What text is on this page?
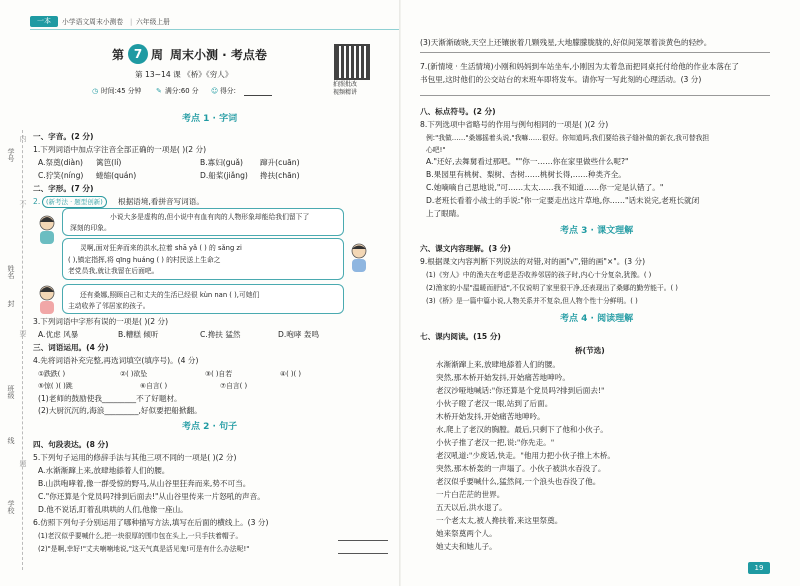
一本	小学语文周末小测卷 | 六年级上册
学号
姓名
封
班级
线
学校
内
不
要
题
第 7 周 周末小测 · 考点卷
第 13~14 课 《桥》《穷人》
◷ 时间:45 分钟 ✎ 满分:60 分 ☺ 得分:
拍照批改
视频精讲
考点 1 · 字词
一、字音。(2 分)
1.下列词语中加点字注音全部正确的一项是( )(2 分)
A.祭奠(diàn) 篱笆(lí)	B.寡妇(guǎ) 蹿升(cuān)
C.狞笑(níng) 蜷缩(quán)	D.船桨(jiǎng) 搀扶(chān)
二、字形。(7 分)
2. (新考法 · 题型创新)	根据语境,看拼音写词语。
小说大多是虚构的,但小说中有血有肉的人物形象却能给我们留下了
深刻的印象。
灵啊,面对狂奔而来的洪水,拉着 shā yǎ ( ) 的 sǎng zi
( ),镇定指挥,将 qīng huáng ( ) 的村民送上生命之
老党员我,就让我留在后面吧。
还有桑娜,照顾自己和丈夫的生活已经很 kùn nan ( ),可她们
主动收养了邻居家的孩子。
3.下列词语中字形有误的一项是( )(2 分)
A.优虑 风暴	B.糟糕 倾听	C.搀扶 猛然	D.咆哮 轰鸣
三、词语运用。(4 分)
4.先将词语补充完整,再选词填空(填序号)。(4 分)
①跌跌( )	②( )欲坠	③( )自若	④( )( )
⑤惊( )( )跳	⑥自言( )	⑦自言( )
(1)老师的鼓励使我_________不了好题材。
(2)大厨沉沉的,海浪_________,好似要把船掀翻。
考点 2 · 句子
四、句段表达。(8 分)
5.下列句子运用的修辞手法与其他三项不同的一项是( )(2 分)
A.水渐渐蹿上来,放肆地舔着人们的腰。
B.山洪咆哮着,像一群受惊的野马,从山谷里狂奔而来,势不可当。
C."你还算是个党员吗?排到后面去!"从山谷里传来一片怒吼的声音。
D.他不说话,盯着乱哄哄的人们,他像一座山。
6.仿照下列句子分别运用了哪种描写方法,填写在后面的横线上。(3 分)
(1)老汉似乎要喊什么,把一块很厚的围巾包在头上,一只手扶着帽子。
(2)"是啊,幸好!"丈夫喃喃地说,"这天气真是活见鬼!可是有什么办法呢!"
(3)天渐渐破晓,天空上还镶嵌着几颗残星,大地朦朦胧胧的,好似间笼罩着淡黄色的轻纱。
7.(新情境 · 生活情境)小刚和妈妈到车站坐车,小刚因为太着急而把同桌托付给他的作业本落在了
书包里,这时他们的公交站台的末班车即将发车。请你写一写此刻的心理活动。(3 分)
八、标点符号。(2 分)
8.下列选项中省略号的作用与例句相同的一项是( )(2 分)
例:"我做……"桑娜摇着头说,"我嘛……很好。你知道吗,我们要给孩子缝补做的新衣,我可替我担
心吧!"
A."还好,去舞舅看过那吧。""你一……你在家里做些什么呢?"
B.果园里有桃树、梨树、杏树……桃树长得,……种类齐全。
C.她嘀嘀自己思地说,"可……太太……我不知道……你一定是认错了。"
D.老班长看着小战士的手说:"你一定要走出这片草地,你……"话未说完,老班长就闭
上了眼睛。
考点 3 · 课文理解
六、课文内容理解。(3 分)
9.根据课文内容判断下列说法的对错,对的画"√",错的画"×"。(3 分)
(1)《穷人》中的渔夫在考虑是否收养邻居的孩子时,内心十分复杂,犹豫。( )
(2)渔家的小屋"温暖而舒适",不仅说明了家里很干净,还表现出了桑娜的勤劳能干。( )
(3)《桥》是一篇中篇小说,人物关系并不复杂,但人物个性十分鲜明。( )
考点 4 · 阅读理解
七、课内阅读。(15 分)
桥(节选)
水渐渐蹿上来,放肆地舔着人们的腰。
突然,那木桥开始发抖,开始痛苦地呻吟。
老汉沙哑地喊话:"你还算是个党员吗?排到后面去!"
小伙子瞪了老汉一眼,站到了后面。
木桥开始发抖,开始痛苦地呻吟。
水,爬上了老汉的胸膛。最后,只剩下了他和小伙子。
小伙子推了老汉一把,说:"你先走。"
老汉吼道:"少废话,快走。"他用力把小伙子推上木桥。
突然,那木桥轰的一声塌了。小伙子被洪水吞没了。
老汉似乎要喊什么,猛然间,一个浪头也吞没了他。
一片白茫茫的世界。
五天以后,洪水退了。
一个老太太,被人搀扶着,来这里祭奠。
她来祭奠两个人。
她丈夫和她儿子。
19
